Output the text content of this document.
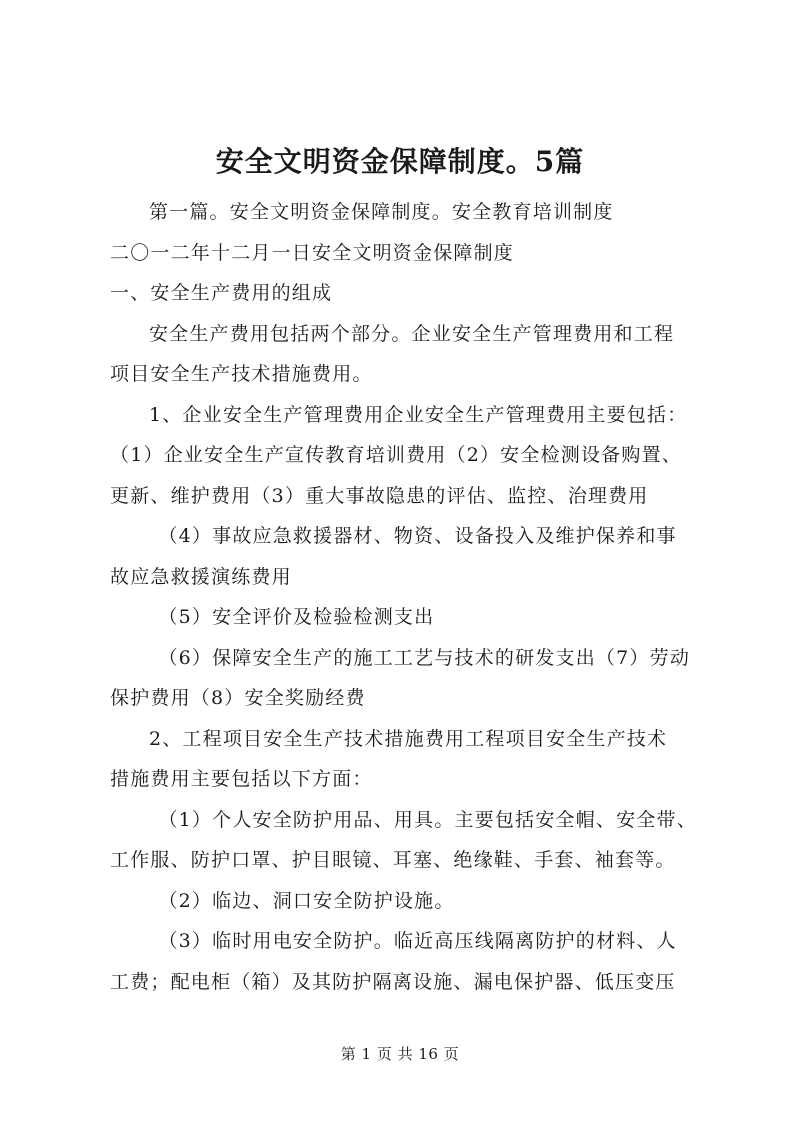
安全文明资金保障制度。5篇
第一篇。安全文明资金保障制度。安全教育培训制度
二〇一二年十二月一日安全文明资金保障制度
一、安全生产费用的组成
安全生产费用包括两个部分。企业安全生产管理费用和工程
项目安全生产技术措施费用。
1、企业安全生产管理费用企业安全生产管理费用主要包括：
（1）企业安全生产宣传教育培训费用（2）安全检测设备购置、
更新、维护费用（3）重大事故隐患的评估、监控、治理费用
（4）事故应急救援器材、物资、设备投入及维护保养和事
故应急救援演练费用
（5）安全评价及检验检测支出
（6）保障安全生产的施工工艺与技术的研发支出（7）劳动
保护费用（8）安全奖励经费
2、工程项目安全生产技术措施费用工程项目安全生产技术
措施费用主要包括以下方面：
（1）个人安全防护用品、用具。主要包括安全帽、安全带、
工作服、防护口罩、护目眼镜、耳塞、绝缘鞋、手套、袖套等。
（2）临边、洞口安全防护设施。
（3）临时用电安全防护。临近高压线隔离防护的材料、人
工费；配电柜（箱）及其防护隔离设施、漏电保护器、低压变压
第 1 页 共 16 页
